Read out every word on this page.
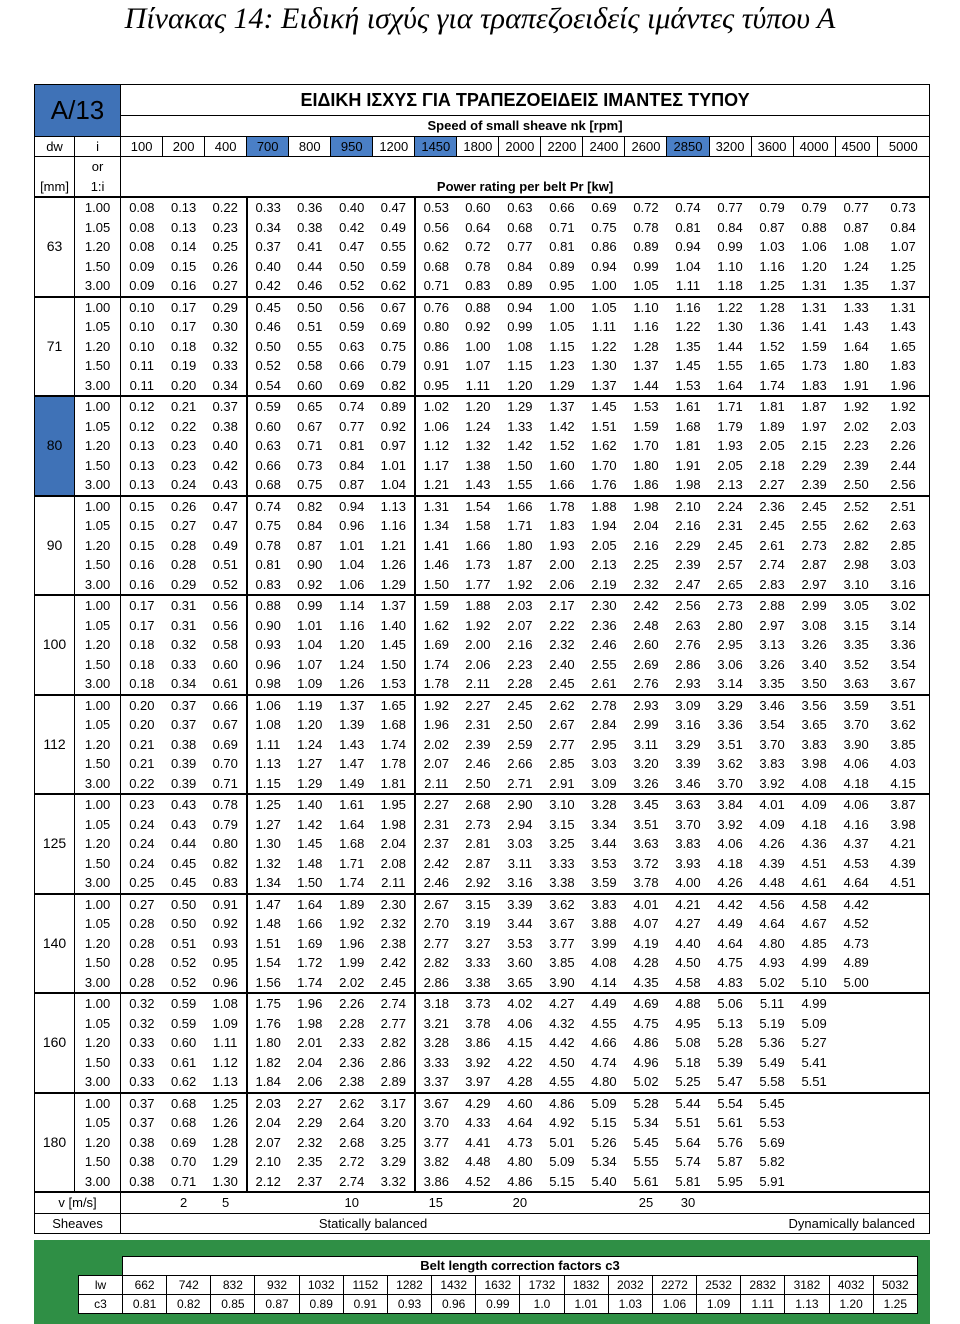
Πίνακας 14: Ειδική ισχύς για τραπεζοειδείς ιμάντες τύπου Α
A/13		ΕΙΔΙΚΗ ΙΣΧΥΣ ΓΙΑ ΤΡΑΠΕΖΟΕΙΔΕΙΣ ΙΜΑΝΤΕΣ ΤΥΠΟΥ																		
		Speed of small sheave nk [rpm]																		
dw	i	100	200	400	700	800	950	1200	1450	1800	2000	2200	2400	2600	2850	3200	3600	4000	4500	5000
	or																			
[mm]	1:i	Power rating per belt Pr [kw]																		
63	1.00	0.08	0.13	0.22	0.33	0.36	0.40	0.47	0.53	0.60	0.63	0.66	0.69	0.72	0.74	0.77	0.79	0.79	0.77	0.73
	1.05	0.08	0.13	0.23	0.34	0.38	0.42	0.49	0.56	0.64	0.68	0.71	0.75	0.78	0.81	0.84	0.87	0.88	0.87	0.84
	1.20	0.08	0.14	0.25	0.37	0.41	0.47	0.55	0.62	0.72	0.77	0.81	0.86	0.89	0.94	0.99	1.03	1.06	1.08	1.07
	1.50	0.09	0.15	0.26	0.40	0.44	0.50	0.59	0.68	0.78	0.84	0.89	0.94	0.99	1.04	1.10	1.16	1.20	1.24	1.25
	3.00	0.09	0.16	0.27	0.42	0.46	0.52	0.62	0.71	0.83	0.89	0.95	1.00	1.05	1.11	1.18	1.25	1.31	1.35	1.37
71	1.00	0.10	0.17	0.29	0.45	0.50	0.56	0.67	0.76	0.88	0.94	1.00	1.05	1.10	1.16	1.22	1.28	1.31	1.33	1.31
	1.05	0.10	0.17	0.30	0.46	0.51	0.59	0.69	0.80	0.92	0.99	1.05	1.11	1.16	1.22	1.30	1.36	1.41	1.43	1.43
	1.20	0.10	0.18	0.32	0.50	0.55	0.63	0.75	0.86	1.00	1.08	1.15	1.22	1.28	1.35	1.44	1.52	1.59	1.64	1.65
	1.50	0.11	0.19	0.33	0.52	0.58	0.66	0.79	0.91	1.07	1.15	1.23	1.30	1.37	1.45	1.55	1.65	1.73	1.80	1.83
	3.00	0.11	0.20	0.34	0.54	0.60	0.69	0.82	0.95	1.11	1.20	1.29	1.37	1.44	1.53	1.64	1.74	1.83	1.91	1.96
80	1.00	0.12	0.21	0.37	0.59	0.65	0.74	0.89	1.02	1.20	1.29	1.37	1.45	1.53	1.61	1.71	1.81	1.87	1.92	1.92
	1.05	0.12	0.22	0.38	0.60	0.67	0.77	0.92	1.06	1.24	1.33	1.42	1.51	1.59	1.68	1.79	1.89	1.97	2.02	2.03
	1.20	0.13	0.23	0.40	0.63	0.71	0.81	0.97	1.12	1.32	1.42	1.52	1.62	1.70	1.81	1.93	2.05	2.15	2.23	2.26
	1.50	0.13	0.23	0.42	0.66	0.73	0.84	1.01	1.17	1.38	1.50	1.60	1.70	1.80	1.91	2.05	2.18	2.29	2.39	2.44
	3.00	0.13	0.24	0.43	0.68	0.75	0.87	1.04	1.21	1.43	1.55	1.66	1.76	1.86	1.98	2.13	2.27	2.39	2.50	2.56
90	1.00	0.15	0.26	0.47	0.74	0.82	0.94	1.13	1.31	1.54	1.66	1.78	1.88	1.98	2.10	2.24	2.36	2.45	2.52	2.51
	1.05	0.15	0.27	0.47	0.75	0.84	0.96	1.16	1.34	1.58	1.71	1.83	1.94	2.04	2.16	2.31	2.45	2.55	2.62	2.63
	1.20	0.15	0.28	0.49	0.78	0.87	1.01	1.21	1.41	1.66	1.80	1.93	2.05	2.16	2.29	2.45	2.61	2.73	2.82	2.85
	1.50	0.16	0.28	0.51	0.81	0.90	1.04	1.26	1.46	1.73	1.87	2.00	2.13	2.25	2.39	2.57	2.74	2.87	2.98	3.03
	3.00	0.16	0.29	0.52	0.83	0.92	1.06	1.29	1.50	1.77	1.92	2.06	2.19	2.32	2.47	2.65	2.83	2.97	3.10	3.16
100	1.00	0.17	0.31	0.56	0.88	0.99	1.14	1.37	1.59	1.88	2.03	2.17	2.30	2.42	2.56	2.73	2.88	2.99	3.05	3.02
	1.05	0.17	0.31	0.56	0.90	1.01	1.16	1.40	1.62	1.92	2.07	2.22	2.36	2.48	2.63	2.80	2.97	3.08	3.15	3.14
	1.20	0.18	0.32	0.58	0.93	1.04	1.20	1.45	1.69	2.00	2.16	2.32	2.46	2.60	2.76	2.95	3.13	3.26	3.35	3.36
	1.50	0.18	0.33	0.60	0.96	1.07	1.24	1.50	1.74	2.06	2.23	2.40	2.55	2.69	2.86	3.06	3.26	3.40	3.52	3.54
	3.00	0.18	0.34	0.61	0.98	1.09	1.26	1.53	1.78	2.11	2.28	2.45	2.61	2.76	2.93	3.14	3.35	3.50	3.63	3.67
112	1.00	0.20	0.37	0.66	1.06	1.19	1.37	1.65	1.92	2.27	2.45	2.62	2.78	2.93	3.09	3.29	3.46	3.56	3.59	3.51
	1.05	0.20	0.37	0.67	1.08	1.20	1.39	1.68	1.96	2.31	2.50	2.67	2.84	2.99	3.16	3.36	3.54	3.65	3.70	3.62
	1.20	0.21	0.38	0.69	1.11	1.24	1.43	1.74	2.02	2.39	2.59	2.77	2.95	3.11	3.29	3.51	3.70	3.83	3.90	3.85
	1.50	0.21	0.39	0.70	1.13	1.27	1.47	1.78	2.07	2.46	2.66	2.85	3.03	3.20	3.39	3.62	3.83	3.98	4.06	4.03
	3.00	0.22	0.39	0.71	1.15	1.29	1.49	1.81	2.11	2.50	2.71	2.91	3.09	3.26	3.46	3.70	3.92	4.08	4.18	4.15
125	1.00	0.23	0.43	0.78	1.25	1.40	1.61	1.95	2.27	2.68	2.90	3.10	3.28	3.45	3.63	3.84	4.01	4.09	4.06	3.87
	1.05	0.24	0.43	0.79	1.27	1.42	1.64	1.98	2.31	2.73	2.94	3.15	3.34	3.51	3.70	3.92	4.09	4.18	4.16	3.98
	1.20	0.24	0.44	0.80	1.30	1.45	1.68	2.04	2.37	2.81	3.03	3.25	3.44	3.63	3.83	4.06	4.26	4.36	4.37	4.21
	1.50	0.24	0.45	0.82	1.32	1.48	1.71	2.08	2.42	2.87	3.11	3.33	3.53	3.72	3.93	4.18	4.39	4.51	4.53	4.39
	3.00	0.25	0.45	0.83	1.34	1.50	1.74	2.11	2.46	2.92	3.16	3.38	3.59	3.78	4.00	4.26	4.48	4.61	4.64	4.51
140	1.00	0.27	0.50	0.91	1.47	1.64	1.89	2.30	2.67	3.15	3.39	3.62	3.83	4.01	4.21	4.42	4.56	4.58	4.42	
	1.05	0.28	0.50	0.92	1.48	1.66	1.92	2.32	2.70	3.19	3.44	3.67	3.88	4.07	4.27	4.49	4.64	4.67	4.52	
	1.20	0.28	0.51	0.93	1.51	1.69	1.96	2.38	2.77	3.27	3.53	3.77	3.99	4.19	4.40	4.64	4.80	4.85	4.73	
	1.50	0.28	0.52	0.95	1.54	1.72	1.99	2.42	2.82	3.33	3.60	3.85	4.08	4.28	4.50	4.75	4.93	4.99	4.89	
	3.00	0.28	0.52	0.96	1.56	1.74	2.02	2.45	2.86	3.38	3.65	3.90	4.14	4.35	4.58	4.83	5.02	5.10	5.00	
160	1.00	0.32	0.59	1.08	1.75	1.96	2.26	2.74	3.18	3.73	4.02	4.27	4.49	4.69	4.88	5.06	5.11	4.99		
	1.05	0.32	0.59	1.09	1.76	1.98	2.28	2.77	3.21	3.78	4.06	4.32	4.55	4.75	4.95	5.13	5.19	5.09		
	1.20	0.33	0.60	1.11	1.80	2.01	2.33	2.82	3.28	3.86	4.15	4.42	4.66	4.86	5.08	5.28	5.36	5.27		
	1.50	0.33	0.61	1.12	1.82	2.04	2.36	2.86	3.33	3.92	4.22	4.50	4.74	4.96	5.18	5.39	5.49	5.41		
	3.00	0.33	0.62	1.13	1.84	2.06	2.38	2.89	3.37	3.97	4.28	4.55	4.80	5.02	5.25	5.47	5.58	5.51		
180	1.00	0.37	0.68	1.25	2.03	2.27	2.62	3.17	3.67	4.29	4.60	4.86	5.09	5.28	5.44	5.54	5.45			
	1.05	0.37	0.68	1.26	2.04	2.29	2.64	3.20	3.70	4.33	4.64	4.92	5.15	5.34	5.51	5.61	5.53			
	1.20	0.38	0.69	1.28	2.07	2.32	2.68	3.25	3.77	4.41	4.73	5.01	5.26	5.45	5.64	5.76	5.69			
	1.50	0.38	0.70	1.29	2.10	2.35	2.72	3.29	3.82	4.48	4.80	5.09	5.34	5.55	5.74	5.87	5.82			
	3.00	0.38	0.71	1.30	2.12	2.37	2.74	3.32	3.86	4.52	4.86	5.15	5.40	5.61	5.81	5.95	5.91			
v [m/s]			2	5			10		15		20			25	30					
Sheaves		Statically balanced												Dynamically balanced						
	Belt length correction factors c3																	
lw	662	742	832	932	1032	1152	1282	1432	1632	1732	1832	2032	2272	2532	2832	3182	4032	5032
c3	0.81	0.82	0.85	0.87	0.89	0.91	0.93	0.96	0.99	1.0	1.01	1.03	1.06	1.09	1.11	1.13	1.20	1.25
